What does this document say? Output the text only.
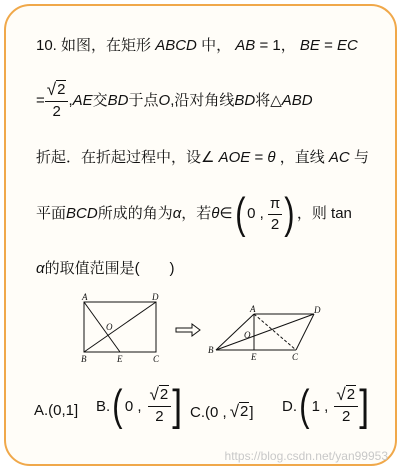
10. 如图，在矩形 ABCD 中， AB = 1， BE = EC
= $\frac{√ 2}{2}$ , AE 交 BD 于点 O ,沿对角线 BD 将△ ABD
折起．在折起过程中，设∠ AOE = θ ，直线 AC 与
平面 BCD 所成的角为 α ，若 θ ∈ ( 0 , $\frac{\pi}{2}$ ) ，则 tan
α的取值范围是(　　)
A	D
O
B	E	C
A	D
O
B
E	C
A.(0,1] B. ( 0 , $\frac{√ 2}{2}$ ] C.(0 , √ 2 ] D. ( 1 , $\frac{√ 2}{2}$ ]
https://blog.csdn.net/yan99953
